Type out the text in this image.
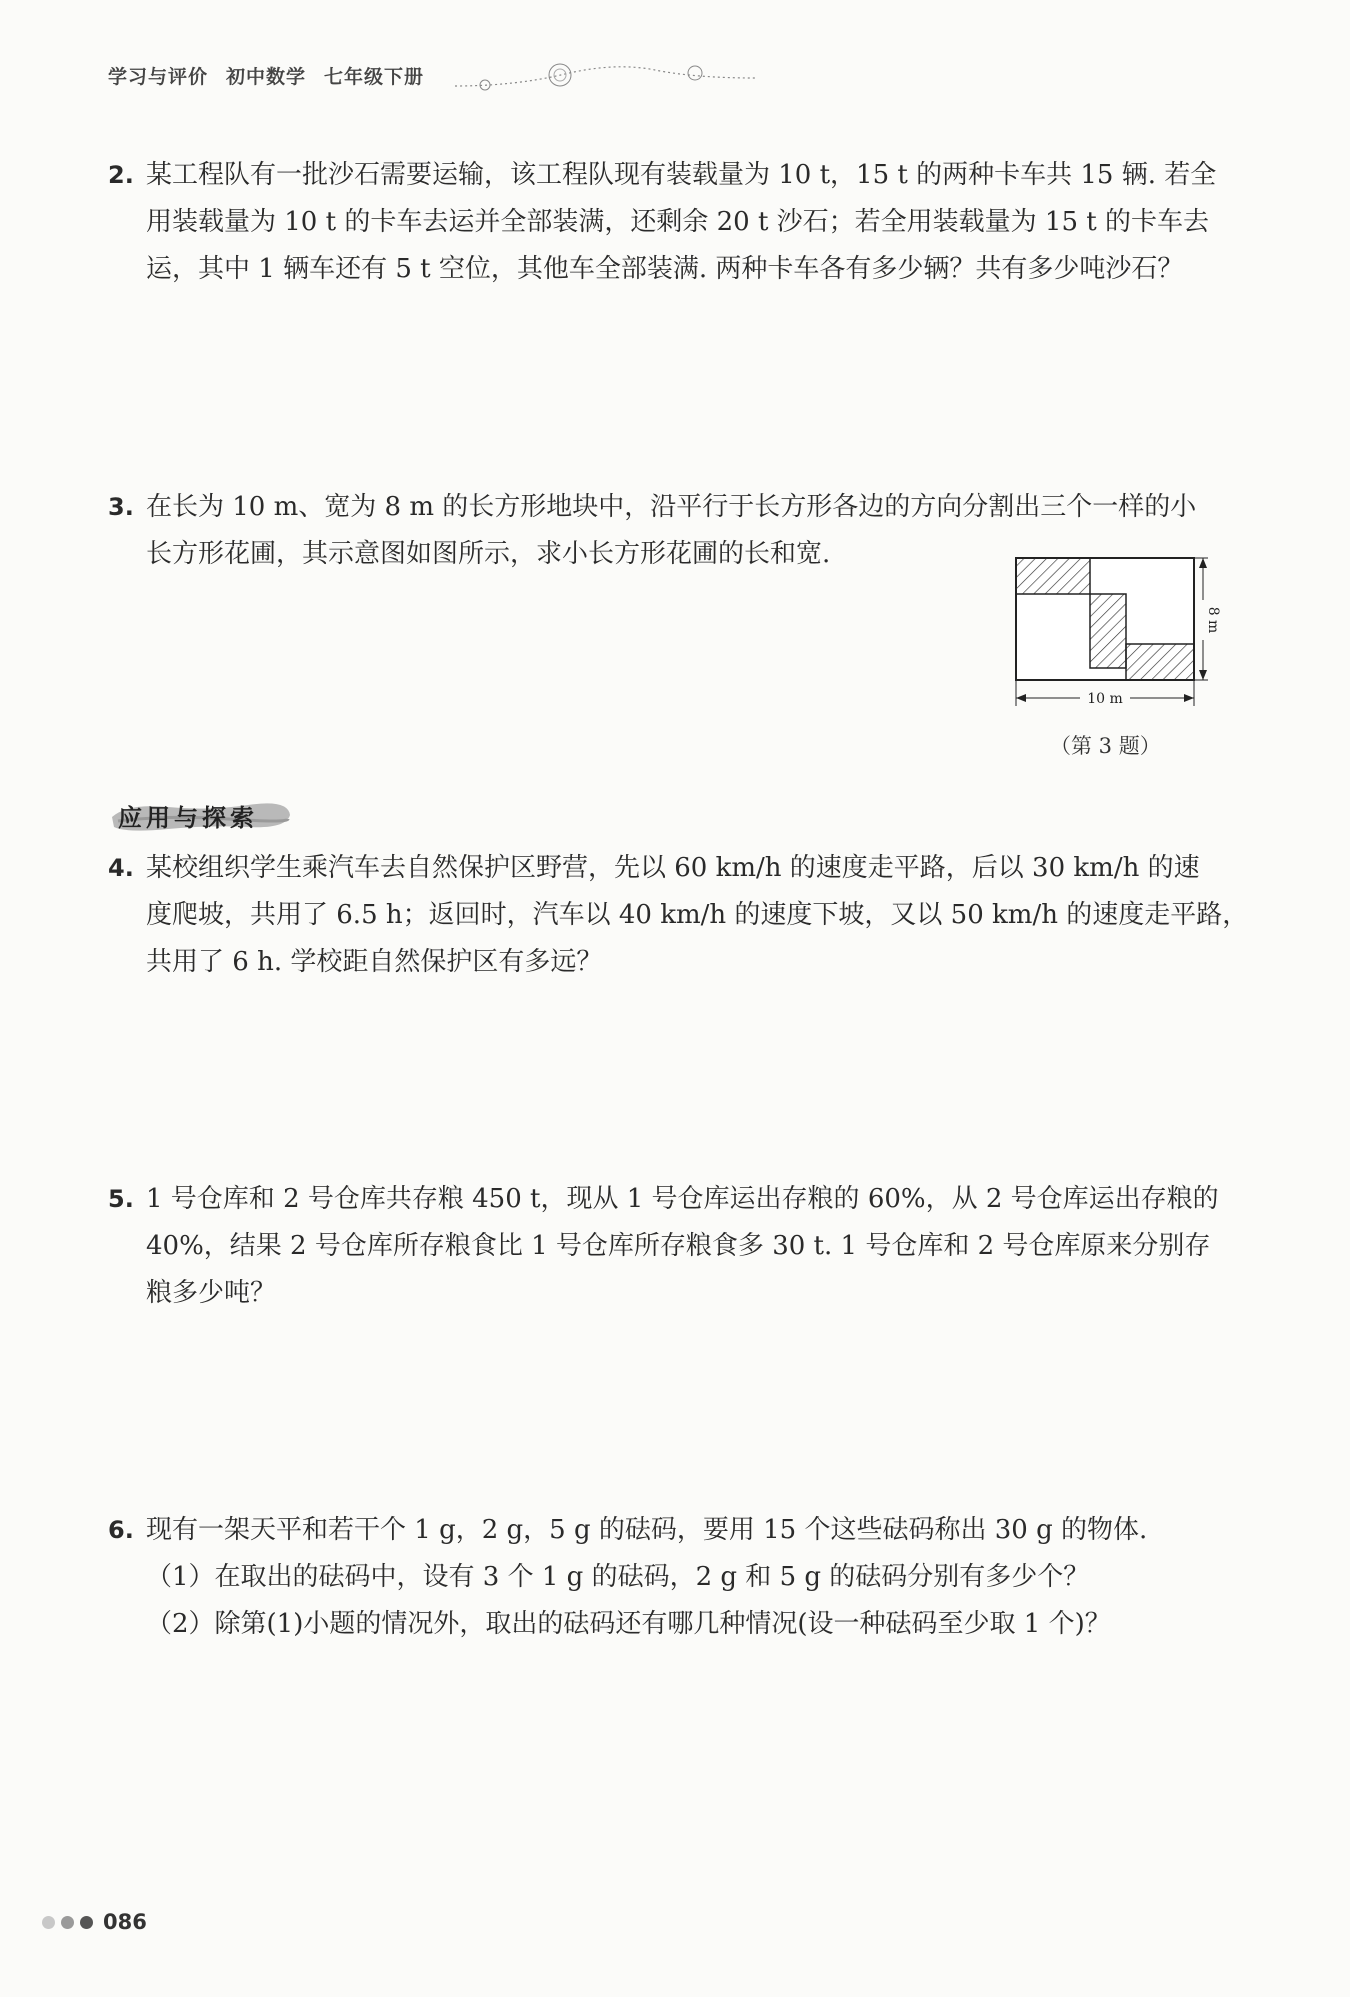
学习与评价 初中数学 七年级下册
2. 某工程队有一批沙石需要运输，该工程队现有装载量为 10 t，15 t 的两种卡车共 15 辆. 若全
用装载量为 10 t 的卡车去运并全部装满，还剩余 20 t 沙石；若全用装载量为 15 t 的卡车去
运，其中 1 辆车还有 5 t 空位，其他车全部装满. 两种卡车各有多少辆？共有多少吨沙石？
3. 在长为 10 m、宽为 8 m 的长方形地块中，沿平行于长方形各边的方向分割出三个一样的小
长方形花圃，其示意图如图所示，求小长方形花圃的长和宽.
8 m
10 m
（第 3 题）
应用与探索
4. 某校组织学生乘汽车去自然保护区野营，先以 60 km/h 的速度走平路，后以 30 km/h 的速
度爬坡，共用了 6.5 h；返回时，汽车以 40 km/h 的速度下坡，又以 50 km/h 的速度走平路，
共用了 6 h. 学校距自然保护区有多远？
5. 1 号仓库和 2 号仓库共存粮 450 t，现从 1 号仓库运出存粮的 60%，从 2 号仓库运出存粮的
40%，结果 2 号仓库所存粮食比 1 号仓库所存粮食多 30 t. 1 号仓库和 2 号仓库原来分别存
粮多少吨？
6. 现有一架天平和若干个 1 g，2 g，5 g 的砝码，要用 15 个这些砝码称出 30 g 的物体.
（1）在取出的砝码中，设有 3 个 1 g 的砝码，2 g 和 5 g 的砝码分别有多少个？
（2）除第(1)小题的情况外，取出的砝码还有哪几种情况(设一种砝码至少取 1 个)？
086
